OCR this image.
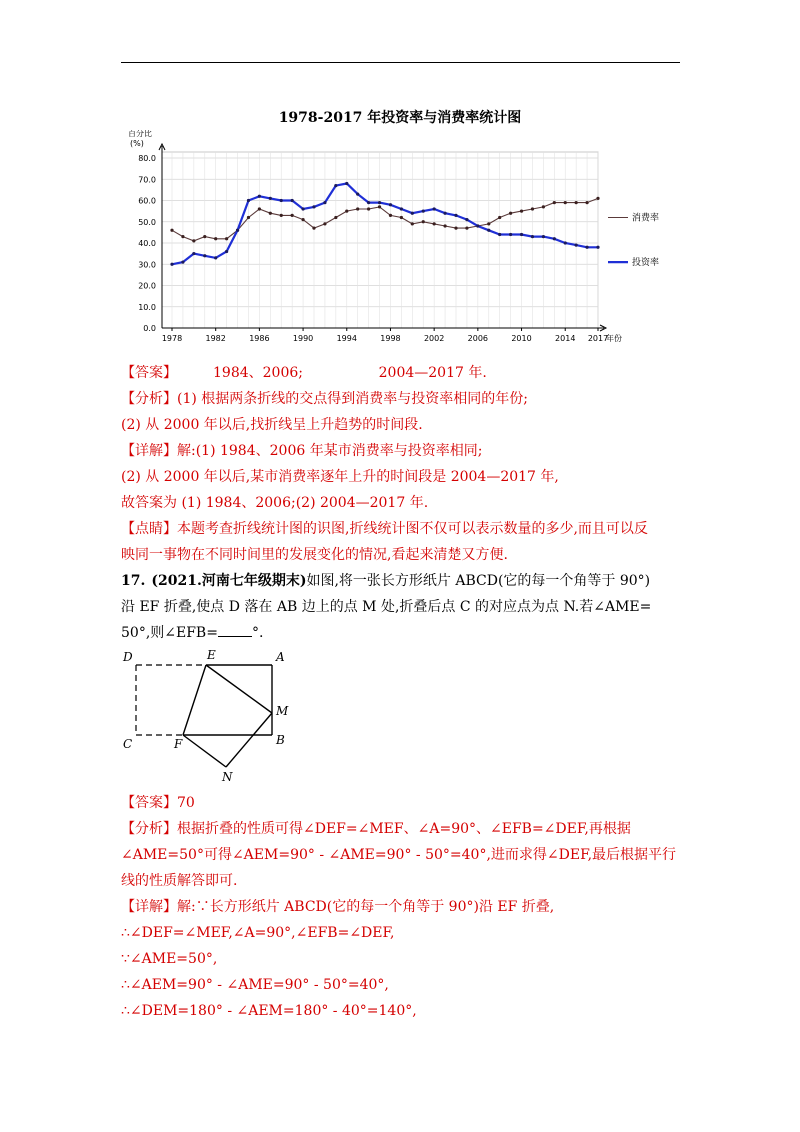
1978-2017 年投资率与消费率统计图
0.0
10.0
20.0
30.0
40.0
50.0
60.0
70.0
80.0
百分比
(%)
1978	1982	1986	1990	1994	1998	2002	2006	2010	2014 2017
年份
消费率
投资率
【答案】	1984、2006;                 2004—2017 年.
【分析】(1) 根据两条折线的交点得到消费率与投资率相同的年份;
(2) 从 2000 年以后,找折线呈上升趋势的时间段.
【详解】解:(1) 1984、2006 年某市消费率与投资率相同;
(2) 从 2000 年以后,某市消费率逐年上升的时间段是 2004—2017 年,
故答案为 (1) 1984、2006;(2) 2004—2017 年.
【点睛】本题考查折线统计图的识图,折线统计图不仅可以表示数量的多少,而且可以反
映同一事物在不同时间里的发展变化的情况,看起来清楚又方便.
17. (2021.河南七年级期末)如图,将一张长方形纸片 ABCD(它的每一个角等于 90°)
沿 EF 折叠,使点 D 落在 AB 边上的点 M 处,折叠后点 C 的对应点为点 N.若∠AME=
50°,则∠EFB= °.
D	E	A
M
C	F	B
N
【答案】70
【分析】根据折叠的性质可得∠DEF=∠MEF、∠A=90°、∠EFB=∠DEF,再根据
∠AME=50°可得∠AEM=90° - ∠AME=90° - 50°=40°,进而求得∠DEF,最后根据平行
线的性质解答即可.
【详解】解:∵长方形纸片 ABCD(它的每一个角等于 90°)沿 EF 折叠,
∴∠DEF=∠MEF,∠A=90°,∠EFB=∠DEF,
∵∠AME=50°,
∴∠AEM=90° - ∠AME=90° - 50°=40°,
∴∠DEM=180° - ∠AEM=180° - 40°=140°,
